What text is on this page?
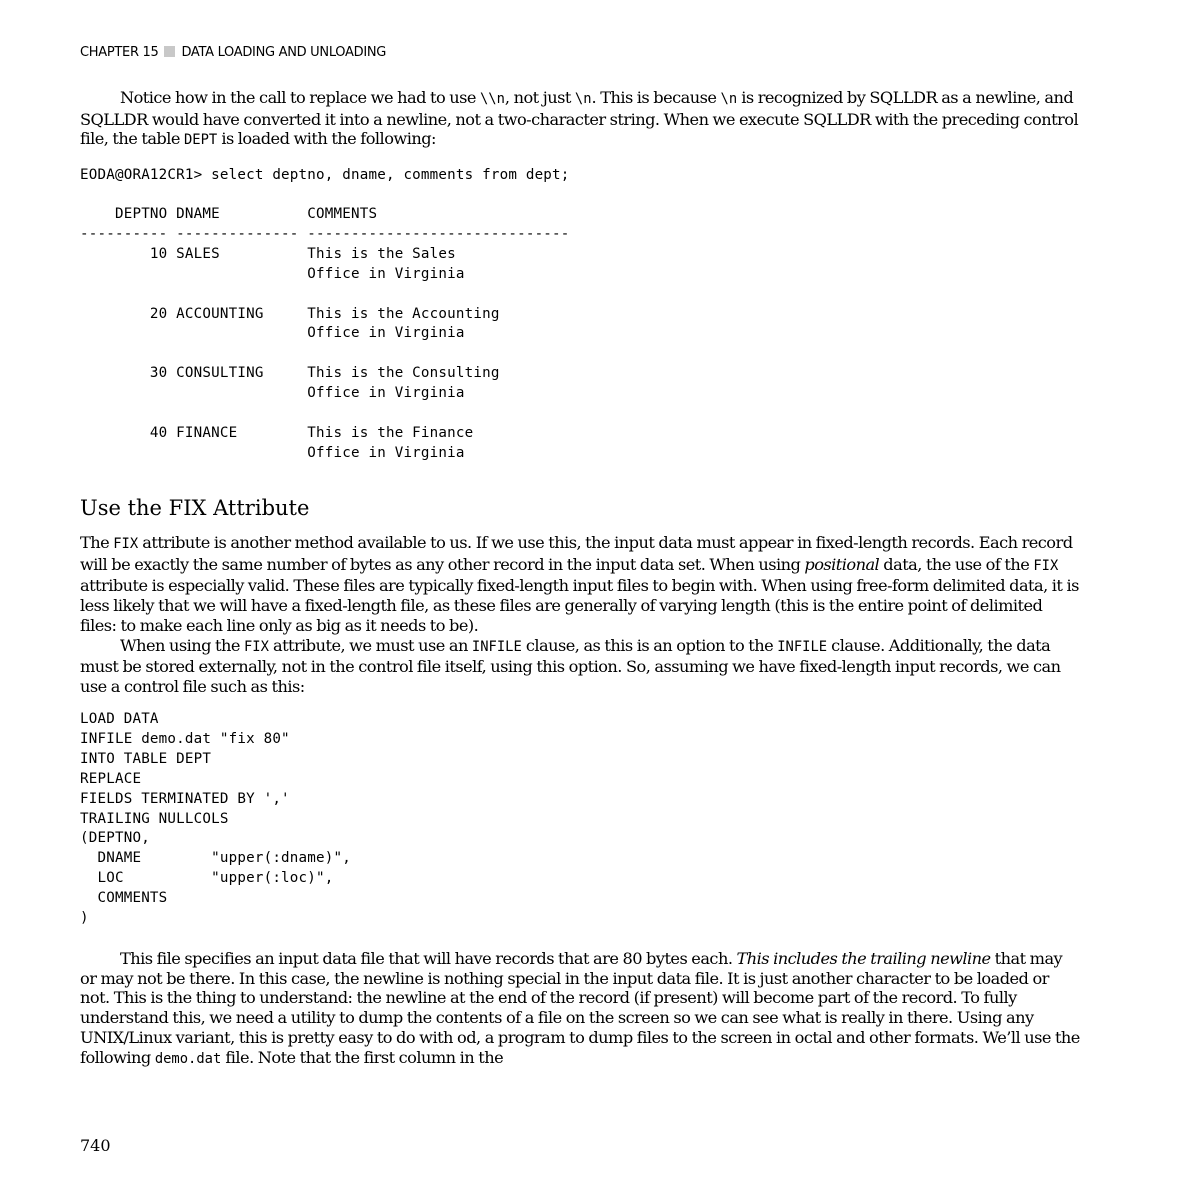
CHAPTER 15 DATA LOADING AND UNLOADING

Notice how in the call to replace we had to use \\n, not just \n. This is because \n is recognized by SQLLDR as a newline, and SQLLDR would have converted it into a newline, not a two-character string. When we execute SQLLDR with the preceding control file, the table DEPT is loaded with the following:

EODA@ORA12CR1> select deptno, dname, comments from dept;
DEPTNO DNAME          COMMENTS
---------- -------------- ------------------------------
10 SALES          This is the Sales
Office in Virginia

20 ACCOUNTING     This is the Accounting
Office in Virginia

30 CONSULTING     This is the Consulting
Office in Virginia

40 FINANCE        This is the Finance
Office in Virginia
Use the FIX Attribute

The FIX attribute is another method available to us. If we use this, the input data must appear in fixed-length records. Each record will be exactly the same number of bytes as any other record in the input data set. When using positional data, the use of the FIX attribute is especially valid. These files are typically fixed-length input files to begin with. When using free-form delimited data, it is less likely that we will have a fixed-length file, as these files are generally of varying length (this is the entire point of delimited files: to make each line only as big as it needs to be).

When using the FIX attribute, we must use an INFILE clause, as this is an option to the INFILE clause. Additionally, the data must be stored externally, not in the control file itself, using this option. So, assuming we have fixed-length input records, we can use a control file such as this:

LOAD DATA
INFILE demo.dat "fix 80"
INTO TABLE DEPT
REPLACE
FIELDS TERMINATED BY ','
TRAILING NULLCOLS
(DEPTNO,
DNAME        "upper(:dname)",
LOC          "upper(:loc)",
COMMENTS
)

This file specifies an input data file that will have records that are 80 bytes each. This includes the trailing newline that may or may not be there. In this case, the newline is nothing special in the input data file. It is just another character to be loaded or not. This is the thing to understand: the newline at the end of the record (if present) will become part of the record. To fully understand this, we need a utility to dump the contents of a file on the screen so we can see what is really in there. Using any UNIX/Linux variant, this is pretty easy to do with od, a program to dump files to the screen in octal and other formats. We’ll use the following demo.dat file. Note that the first column in the

740
